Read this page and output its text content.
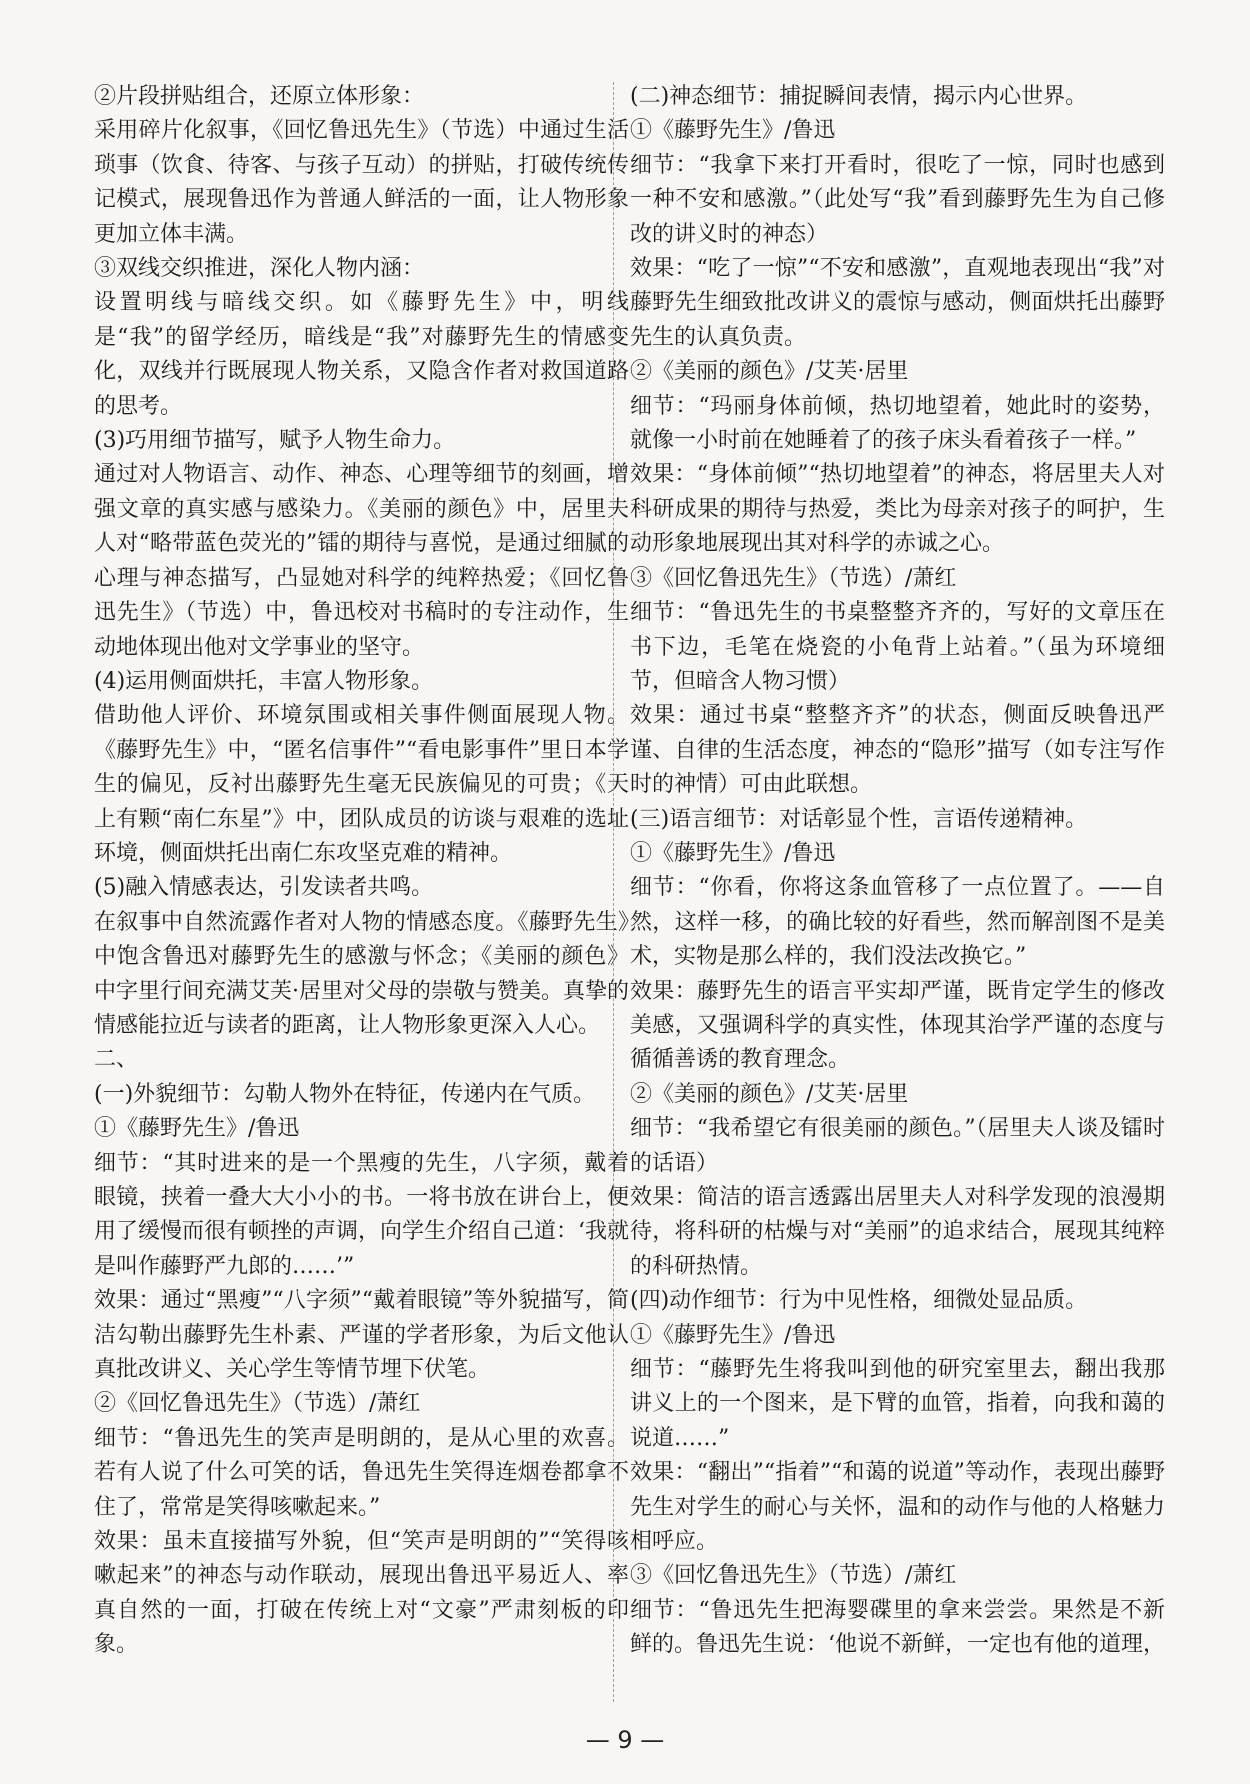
②片段拼贴组合，还原立体形象：

采用碎片化叙事，《回忆鲁迅先生》（节选）中通过生活琐事（饮食、待客、与孩子互动）的拼贴，打破传统传记模式，展现鲁迅作为普通人鲜活的一面，让人物形象更加立体丰满。

③双线交织推进，深化人物内涵：

设置明线与暗线交织。如《藤野先生》中，明线是“我”的留学经历，暗线是“我”对藤野先生的情感变化，双线并行既展现人物关系，又隐含作者对救国道路的思考。

(3)巧用细节描写，赋予人物生命力。

通过对人物语言、动作、神态、心理等细节的刻画，增强文章的真实感与感染力。《美丽的颜色》中，居里夫人对“略带蓝色荧光的”镭的期待与喜悦，是通过细腻的心理与神态描写，凸显她对科学的纯粹热爱；《回忆鲁迅先生》（节选）中，鲁迅校对书稿时的专注动作，生动地体现出他对文学事业的坚守。

(4)运用侧面烘托，丰富人物形象。

借助他人评价、环境氛围或相关事件侧面展现人物。《藤野先生》中，“匿名信事件”“看电影事件”里日本学生的偏见，反衬出藤野先生毫无民族偏见的可贵；《天上有颗“南仁东星”》中，团队成员的访谈与艰难的选址环境，侧面烘托出南仁东攻坚克难的精神。

(5)融入情感表达，引发读者共鸣。

在叙事中自然流露作者对人物的情感态度。《藤野先生》中饱含鲁迅对藤野先生的感激与怀念；《美丽的颜色》中字里行间充满艾芙·居里对父母的崇敬与赞美。真挚的情感能拉近与读者的距离，让人物形象更深入人心。

二、

(一)外貌细节：勾勒人物外在特征，传递内在气质。

①《藤野先生》/鲁迅

细节：“其时进来的是一个黑瘦的先生，八字须，戴着眼镜，挟着一叠大大小小的书。一将书放在讲台上，便用了缓慢而很有顿挫的声调，向学生介绍自己道：‘我就是叫作藤野严九郎的……’”

效果：通过“黑瘦”“八字须”“戴着眼镜”等外貌描写，简洁勾勒出藤野先生朴素、严谨的学者形象，为后文他认真批改讲义、关心学生等情节埋下伏笔。

②《回忆鲁迅先生》（节选）/萧红

细节：“鲁迅先生的笑声是明朗的，是从心里的欢喜。若有人说了什么可笑的话，鲁迅先生笑得连烟卷都拿不住了，常常是笑得咳嗽起来。”

效果：虽未直接描写外貌，但“笑声是明朗的”“笑得咳嗽起来”的神态与动作联动，展现出鲁迅平易近人、率真自然的一面，打破在传统上对“文豪”严肃刻板的印象。

(二)神态细节：捕捉瞬间表情，揭示内心世界。

①《藤野先生》/鲁迅

细节：“我拿下来打开看时，很吃了一惊，同时也感到一种不安和感激。”（此处写“我”看到藤野先生为自己修改的讲义时的神态）

效果：“吃了一惊”“不安和感激”，直观地表现出“我”对藤野先生细致批改讲义的震惊与感动，侧面烘托出藤野先生的认真负责。

②《美丽的颜色》/艾芙·居里

细节：“玛丽身体前倾，热切地望着，她此时的姿势，就像一小时前在她睡着了的孩子床头看着孩子一样。”

效果：“身体前倾”“热切地望着”的神态，将居里夫人对科研成果的期待与热爱，类比为母亲对孩子的呵护，生动形象地展现出其对科学的赤诚之心。

③《回忆鲁迅先生》（节选）/萧红

细节：“鲁迅先生的书桌整整齐齐的，写好的文章压在书下边，毛笔在烧瓷的小龟背上站着。”（虽为环境细节，但暗含人物习惯）

效果：通过书桌“整整齐齐”的状态，侧面反映鲁迅严谨、自律的生活态度，神态的“隐形”描写（如专注写作时的神情）可由此联想。

(三)语言细节：对话彰显个性，言语传递精神。

①《藤野先生》/鲁迅

细节：“你看，你将这条血管移了一点位置了。——自然，这样一移，的确比较的好看些，然而解剖图不是美术，实物是那么样的，我们没法改换它。”

效果：藤野先生的语言平实却严谨，既肯定学生的修改美感，又强调科学的真实性，体现其治学严谨的态度与循循善诱的教育理念。

②《美丽的颜色》/艾芙·居里

细节：“我希望它有很美丽的颜色。”（居里夫人谈及镭时的话语）

效果：简洁的语言透露出居里夫人对科学发现的浪漫期待，将科研的枯燥与对“美丽”的追求结合，展现其纯粹的科研热情。

(四)动作细节：行为中见性格，细微处显品质。

①《藤野先生》/鲁迅

细节：“藤野先生将我叫到他的研究室里去，翻出我那讲义上的一个图来，是下臂的血管，指着，向我和蔼的说道……”

效果：“翻出”“指着”“和蔼的说道”等动作，表现出藤野先生对学生的耐心与关怀，温和的动作与他的人格魅力相呼应。

③《回忆鲁迅先生》（节选）/萧红

细节：“鲁迅先生把海婴碟里的拿来尝尝。果然是不新鲜的。鲁迅先生说：‘他说不新鲜，一定也有他的道理，

— 9 —
